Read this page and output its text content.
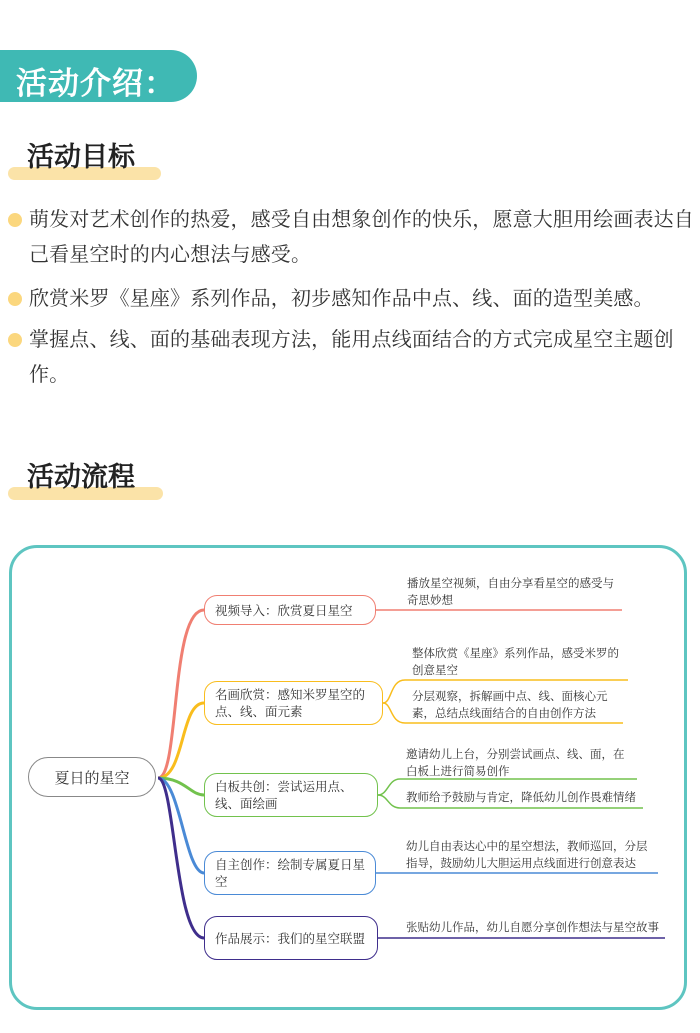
活动介绍：
活动目标
萌发对艺术创作的热爱，感受自由想象创作的快乐，愿意大胆用绘画表达自己看星空时的内心想法与感受。
欣赏米罗《星座》系列作品，初步感知作品中点、线、面的造型美感。
掌握点、线、面的基础表现方法，能用点线面结合的方式完成星空主题创作。
活动流程
夏日的星空
视频导入：欣赏夏日星空
名画欣赏：感知米罗星空的点、线、面元素
白板共创：尝试运用点、线、面绘画
自主创作：绘制专属夏日星空
作品展示：我们的星空联盟
播放星空视频，自由分享看星空的感受与奇思妙想
整体欣赏《星座》系列作品，感受米罗的创意星空
分层观察，拆解画中点、线、面核心元素，总结点线面结合的自由创作方法
邀请幼儿上台，分别尝试画点、线、面，在白板上进行简易创作
教师给予鼓励与肯定，降低幼儿创作畏难情绪
幼儿自由表达心中的星空想法，教师巡回，分层指导，鼓励幼儿大胆运用点线面进行创意表达
张贴幼儿作品，幼儿自愿分享创作想法与星空故事
